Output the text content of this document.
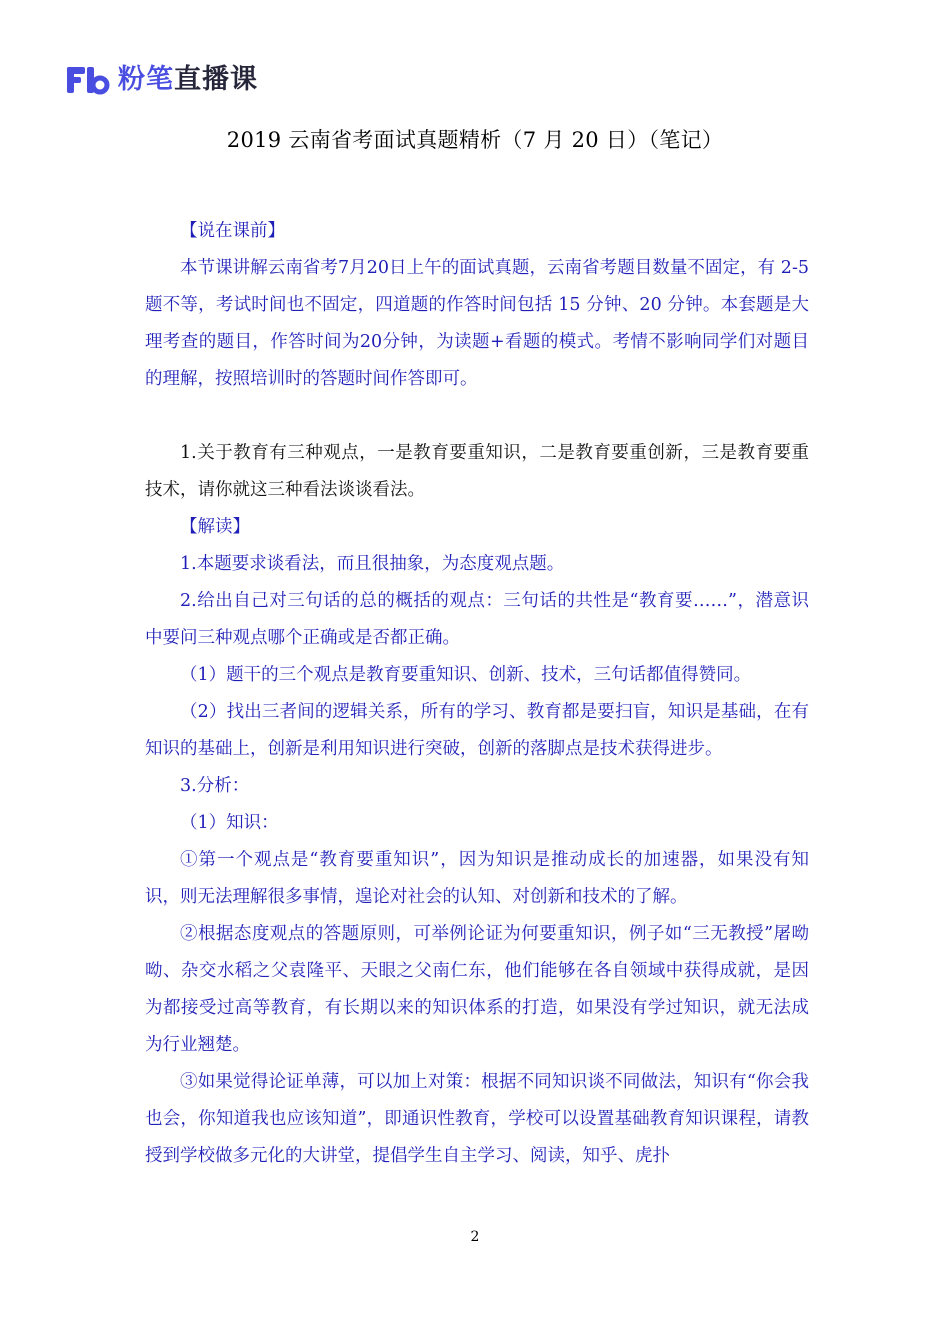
粉笔直播课
2019 云南省考面试真题精析（7 月 20 日）（笔记）

【说在课前】

本节课讲解云南省考7月20日上午的面试真题，云南省考题目数量不固定，有 2-5 题不等，考试时间也不固定，四道题的作答时间包括 15 分钟、20 分钟。本套题是大理考查的题目，作答时间为20分钟，为读题+看题的模式。考情不影响同学们对题目的理解，按照培训时的答题时间作答即可。

1.关于教育有三种观点，一是教育要重知识，二是教育要重创新，三是教育要重技术，请你就这三种看法谈谈看法。

【解读】

1.本题要求谈看法，而且很抽象，为态度观点题。

2.给出自己对三句话的总的概括的观点：三句话的共性是“教育要……”，潜意识中要问三种观点哪个正确或是否都正确。

（1）题干的三个观点是教育要重知识、创新、技术，三句话都值得赞同。

（2）找出三者间的逻辑关系，所有的学习、教育都是要扫盲，知识是基础，在有知识的基础上，创新是利用知识进行突破，创新的落脚点是技术获得进步。

3.分析：

（1）知识：

①第一个观点是“教育要重知识”，因为知识是推动成长的加速器，如果没有知识，则无法理解很多事情，遑论对社会的认知、对创新和技术的了解。

②根据态度观点的答题原则，可举例论证为何要重知识，例子如“三无教授”屠呦呦、杂交水稻之父袁隆平、天眼之父南仁东，他们能够在各自领域中获得成就，是因为都接受过高等教育，有长期以来的知识体系的打造，如果没有学过知识，就无法成为行业翘楚。

③如果觉得论证单薄，可以加上对策：根据不同知识谈不同做法，知识有“你会我也会，你知道我也应该知道”，即通识性教育，学校可以设置基础教育知识课程，请教授到学校做多元化的大讲堂，提倡学生自主学习、阅读，知乎、虎扑

2
